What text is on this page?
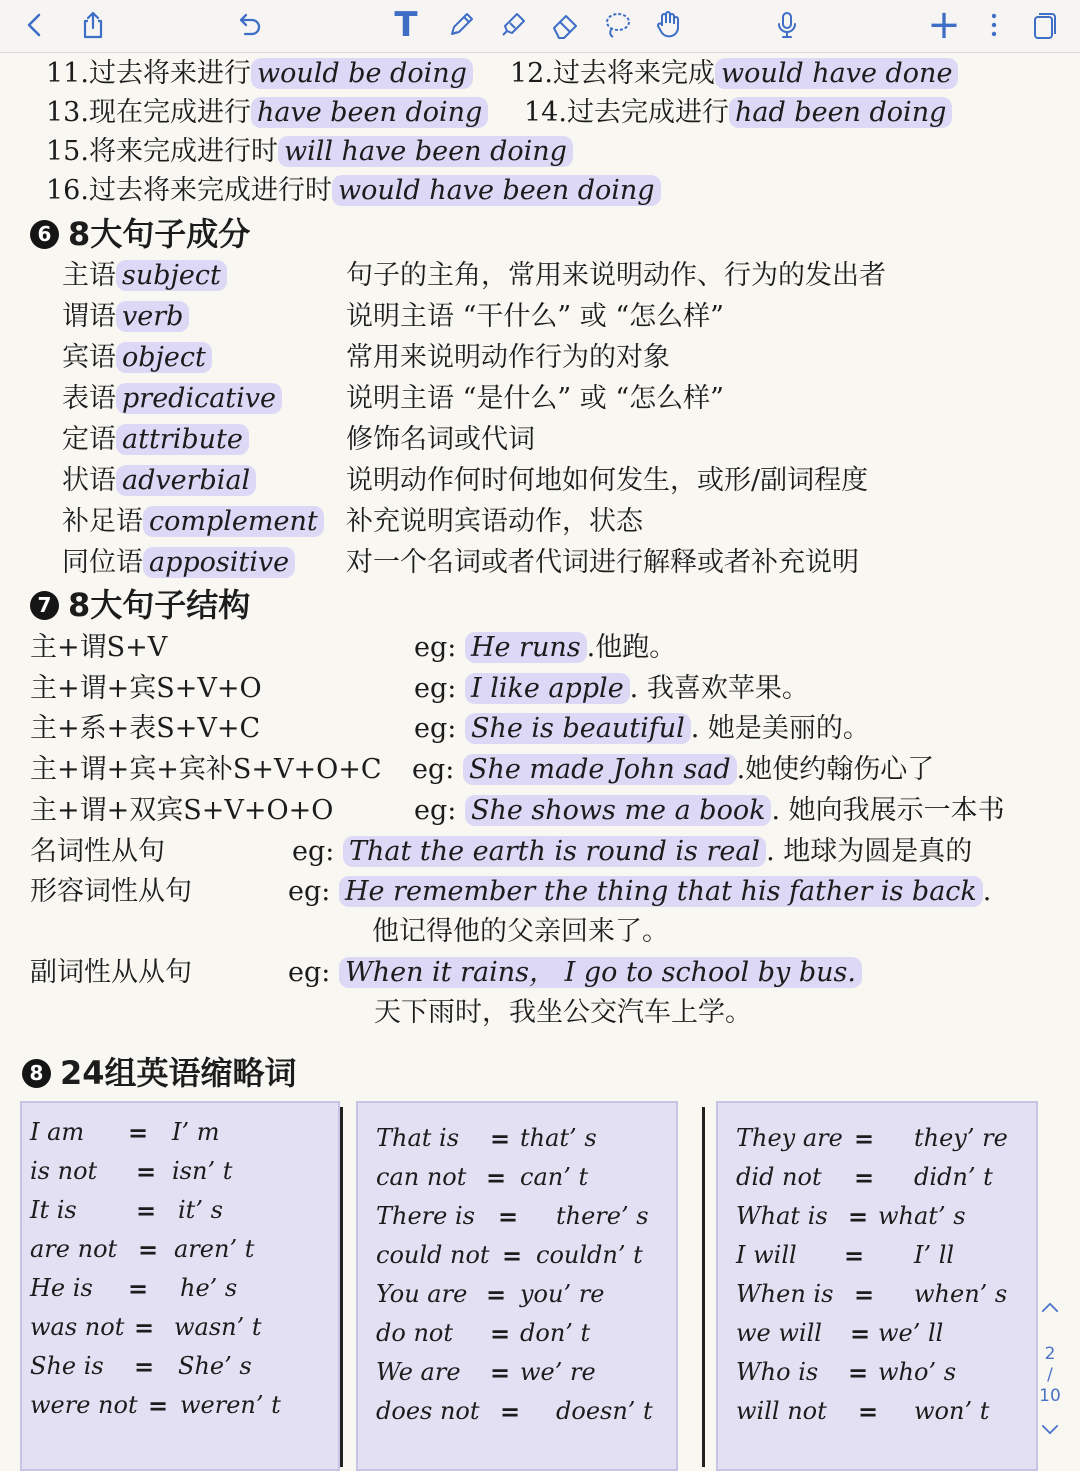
T	+
11.过去将来进行 would be doing 12.过去将来完成 would have done
13.现在完成进行 have been doing 14.过去完成进行 had been doing
15.将来完成进行时 will have been doing
16.过去将来完成进行时 would have been doing
6 8大句子成分
主语 subject	句子的主角，常用来说明动作、行为的发出者
谓语 verb	说明主语 “干什么” 或 “怎么样”
宾语 object	常用来说明动作行为的对象
表语 predicative	说明主语 “是什么” 或 “怎么样”
定语 attribute	修饰名词或代词
状语 adverbial	说明动作何时何地如何发生，或形/副词程度
补足语 complement 补充说明宾语动作，状态
同位语 appositive 对一个名词或者代词进行解释或者补充说明
7 8大句子结构
主+谓S+V	eg: He runs .他跑。
主+谓+宾S+V+O	eg: I like apple . 我喜欢苹果。
主+系+表S+V+C	eg: She is beautiful . 她是美丽的。
主+谓+宾+宾补S+V+O+C eg: She made John sad .她使约翰伤心了
主+谓+双宾S+V+O+O	eg: She shows me a book . 她向我展示一本书
名词性从句	eg: That the earth is round is real . 地球为圆是真的
形容词性从句	eg: He remember the thing that his father is back .
他记得他的父亲回来了。
副词性从从句	eg: When it rains， I go to school by bus.
天下雨时，我坐公交汽车上学。
8 24组英语缩略词
I am = I’ m
is not = isn’ t
It is = it’ s
are not = aren’ t
He is = he’ s
was not = wasn’ t
She is = She’ s
were not = weren’ t
That is = that’ s
can not = can’ t
There is = there’ s
could not = couldn’ t
You are = you’ re
do not = don’ t
We are = we’ re
does not = doesn’ t
They are = they’ re
did not = didn’ t
What is = what’ s
I will = I’ ll
When is = when’ s
we will = we’ ll
Who is = who’ s
will not = won’ t
2
/
10
